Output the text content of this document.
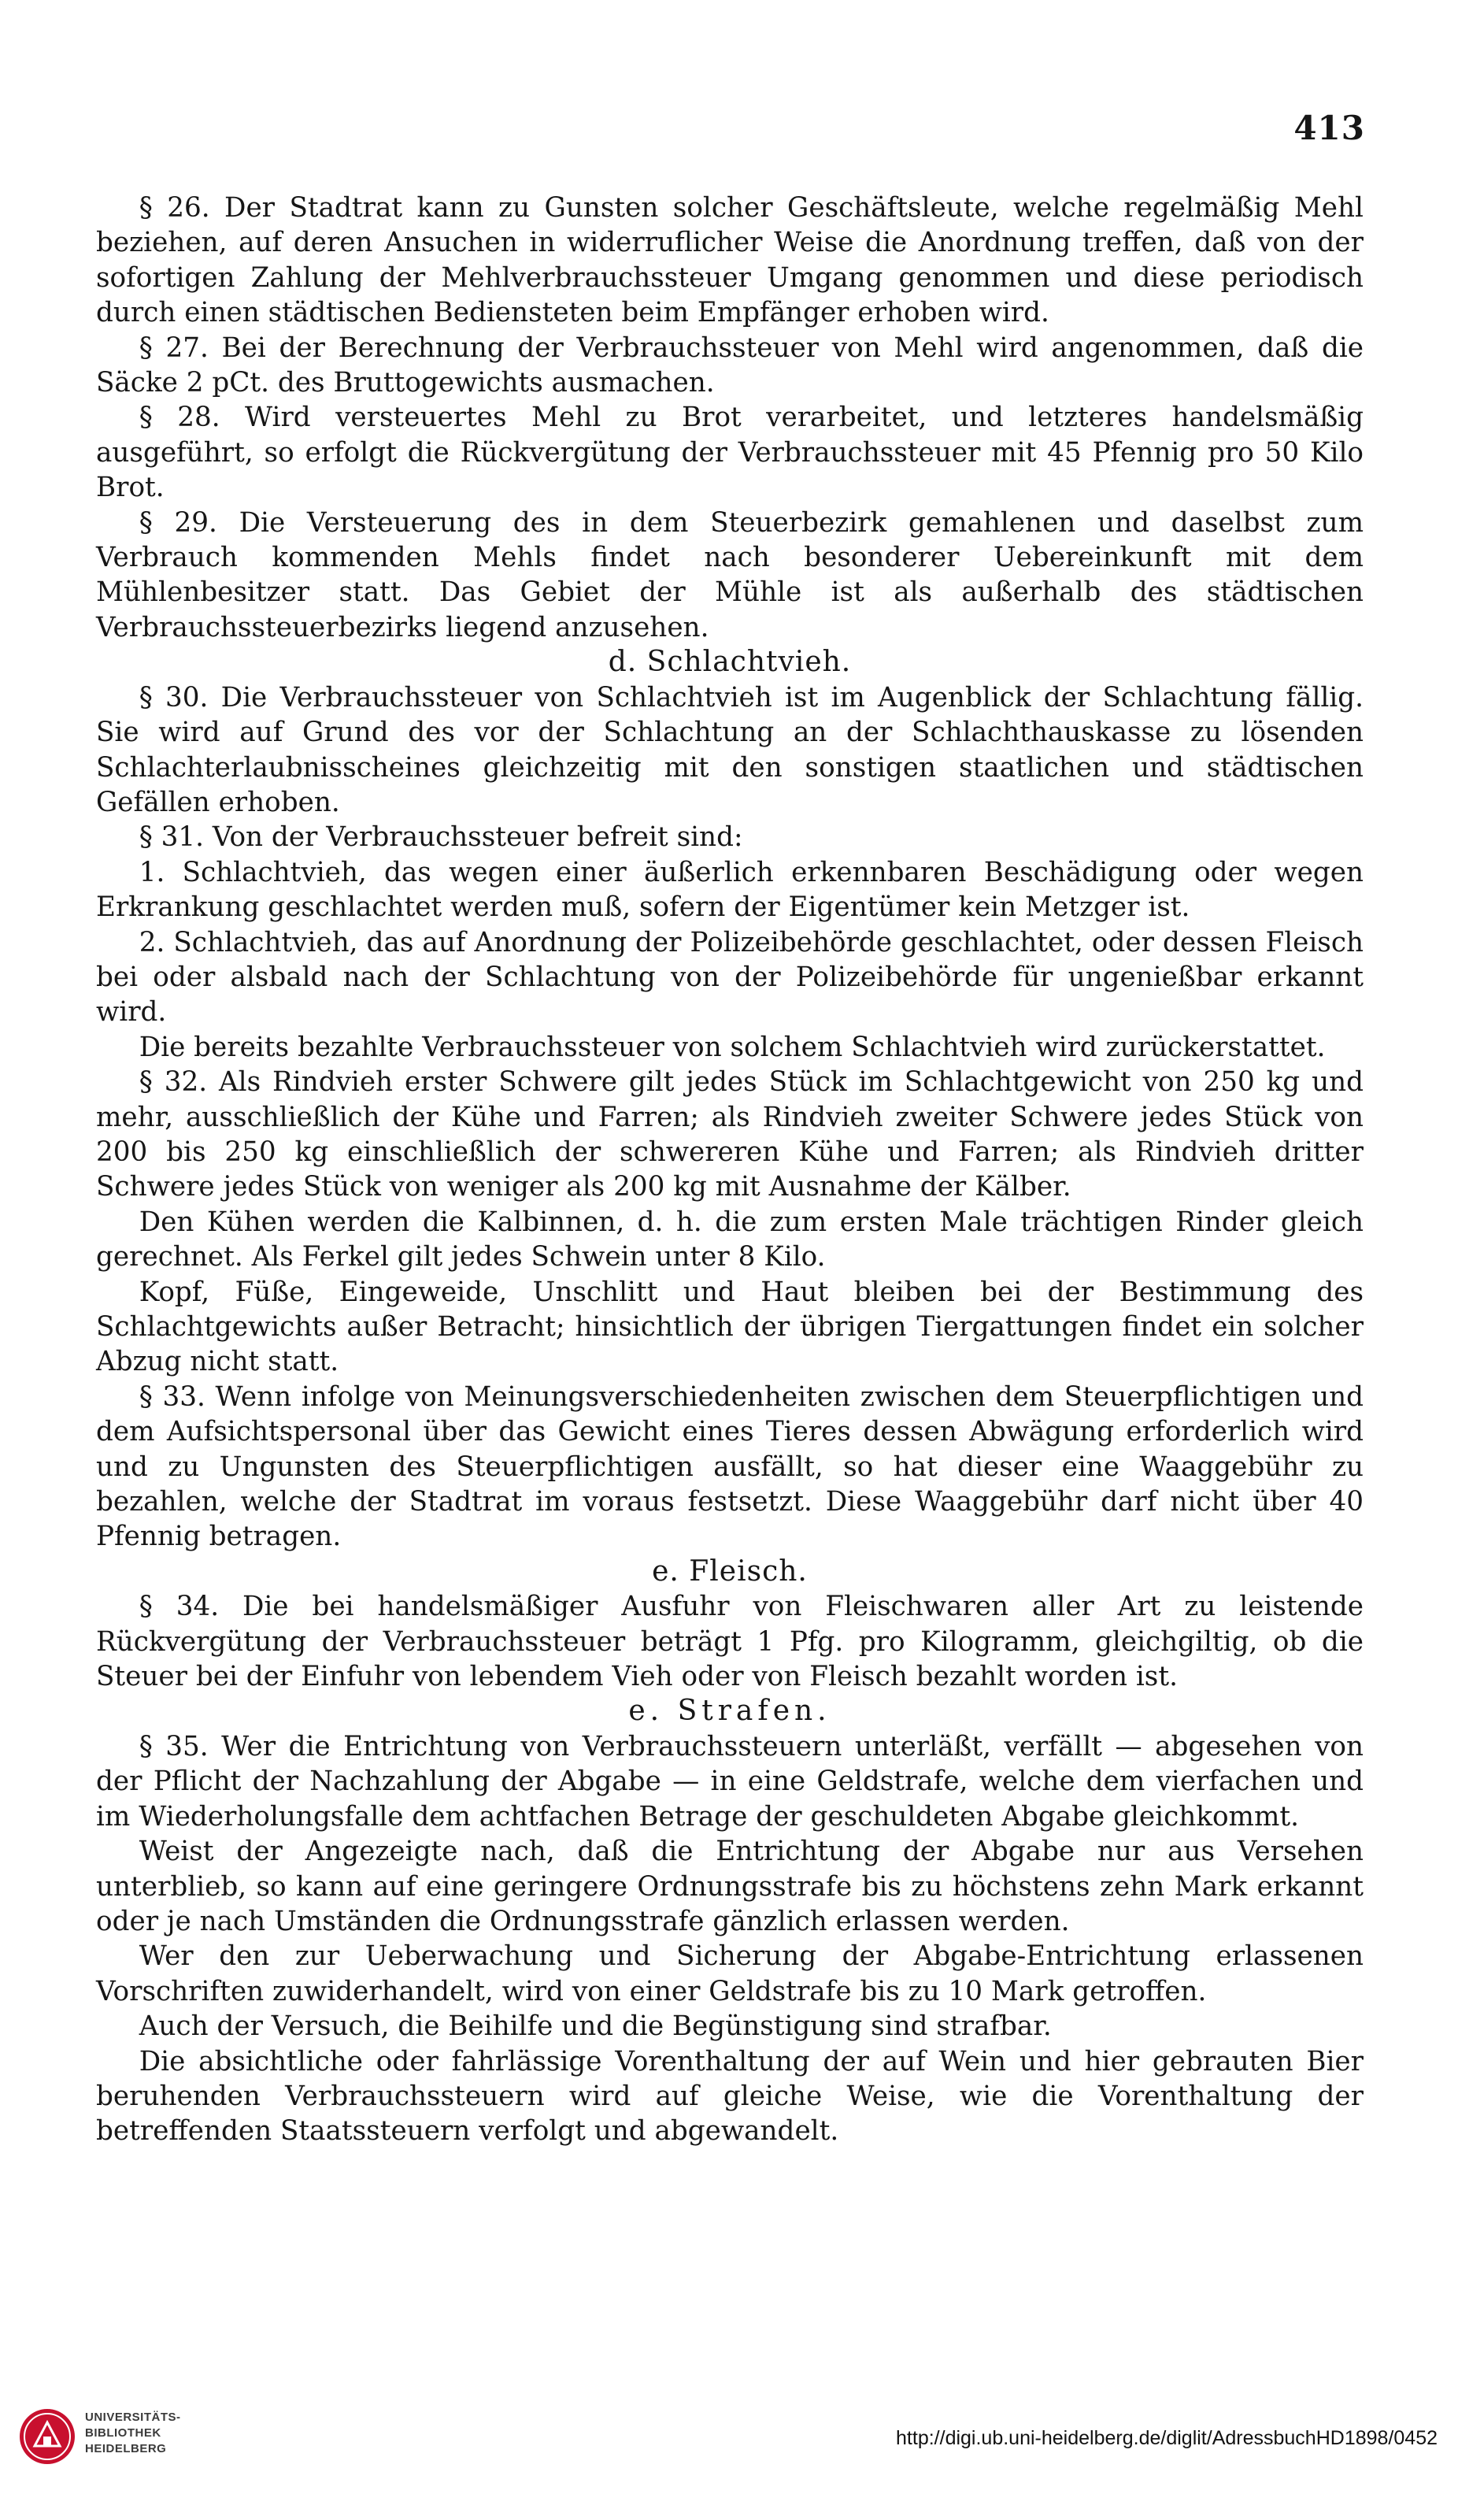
413

§ 26. Der Stadtrat kann zu Gunsten solcher Geschäftsleute, welche regelmäßig Mehl beziehen, auf deren Ansuchen in widerruflicher Weise die Anordnung treffen, daß von der sofortigen Zahlung der Mehlverbrauchssteuer Umgang genommen und diese periodisch durch einen städtischen Bediensteten beim Empfänger erhoben wird.

§ 27. Bei der Berechnung der Verbrauchssteuer von Mehl wird angenommen, daß die Säcke 2 pCt. des Bruttogewichts ausmachen.

§ 28. Wird versteuertes Mehl zu Brot verarbeitet, und letzteres handelsmäßig ausgeführt, so erfolgt die Rückvergütung der Verbrauchssteuer mit 45 Pfennig pro 50 Kilo Brot.

§ 29. Die Versteuerung des in dem Steuerbezirk gemahlenen und daselbst zum Verbrauch kommenden Mehls findet nach besonderer Uebereinkunft mit dem Mühlenbesitzer statt. Das Gebiet der Mühle ist als außerhalb des städtischen Verbrauchssteuerbezirks liegend anzusehen.

d. Schlachtvieh.

§ 30. Die Verbrauchssteuer von Schlachtvieh ist im Augenblick der Schlachtung fällig. Sie wird auf Grund des vor der Schlachtung an der Schlachthauskasse zu lösenden Schlachterlaubnisscheines gleichzeitig mit den sonstigen staatlichen und städtischen Gefällen erhoben.

§ 31. Von der Verbrauchssteuer befreit sind:

1. Schlachtvieh, das wegen einer äußerlich erkennbaren Beschädigung oder wegen Erkrankung geschlachtet werden muß, sofern der Eigentümer kein Metzger ist.

2. Schlachtvieh, das auf Anordnung der Polizeibehörde geschlachtet, oder dessen Fleisch bei oder alsbald nach der Schlachtung von der Polizeibehörde für ungenießbar erkannt wird.

Die bereits bezahlte Verbrauchssteuer von solchem Schlachtvieh wird zurückerstattet.

§ 32. Als Rindvieh erster Schwere gilt jedes Stück im Schlachtgewicht von 250 kg und mehr, ausschließlich der Kühe und Farren; als Rindvieh zweiter Schwere jedes Stück von 200 bis 250 kg einschließlich der schwereren Kühe und Farren; als Rindvieh dritter Schwere jedes Stück von weniger als 200 kg mit Ausnahme der Kälber.

Den Kühen werden die Kalbinnen, d. h. die zum ersten Male trächtigen Rinder gleich gerechnet. Als Ferkel gilt jedes Schwein unter 8 Kilo.

Kopf, Füße, Eingeweide, Unschlitt und Haut bleiben bei der Bestimmung des Schlachtgewichts außer Betracht; hinsichtlich der übrigen Tiergattungen findet ein solcher Abzug nicht statt.

§ 33. Wenn infolge von Meinungsverschiedenheiten zwischen dem Steuerpflichtigen und dem Aufsichtspersonal über das Gewicht eines Tieres dessen Abwägung erforderlich wird und zu Ungunsten des Steuerpflichtigen ausfällt, so hat dieser eine Waaggebühr zu bezahlen, welche der Stadtrat im voraus festsetzt. Diese Waaggebühr darf nicht über 40 Pfennig betragen.

e. Fleisch.

§ 34. Die bei handelsmäßiger Ausfuhr von Fleischwaren aller Art zu leistende Rückvergütung der Verbrauchssteuer beträgt 1 Pfg. pro Kilogramm, gleichgiltig, ob die Steuer bei der Einfuhr von lebendem Vieh oder von Fleisch bezahlt worden ist.

e. Strafen.

§ 35. Wer die Entrichtung von Verbrauchssteuern unterläßt, verfällt — abgesehen von der Pflicht der Nachzahlung der Abgabe — in eine Geldstrafe, welche dem vierfachen und im Wiederholungsfalle dem achtfachen Betrage der geschuldeten Abgabe gleichkommt.

Weist der Angezeigte nach, daß die Entrichtung der Abgabe nur aus Versehen unterblieb, so kann auf eine geringere Ordnungsstrafe bis zu höchstens zehn Mark erkannt oder je nach Umständen die Ordnungsstrafe gänzlich erlassen werden.

Wer den zur Ueberwachung und Sicherung der Abgabe-Entrichtung erlassenen Vorschriften zuwiderhandelt, wird von einer Geldstrafe bis zu 10 Mark getroffen.

Auch der Versuch, die Beihilfe und die Begünstigung sind strafbar.

Die absichtliche oder fahrlässige Vorenthaltung der auf Wein und hier gebrauten Bier beruhenden Verbrauchssteuern wird auf gleiche Weise, wie die Vorenthaltung der betreffenden Staatssteuern verfolgt und abgewandelt.

UNIVERSITÄTS-
BIBLIOTHEK
HEIDELBERG	http://digi.ub.uni-heidelberg.de/diglit/AdressbuchHD1898/0452
